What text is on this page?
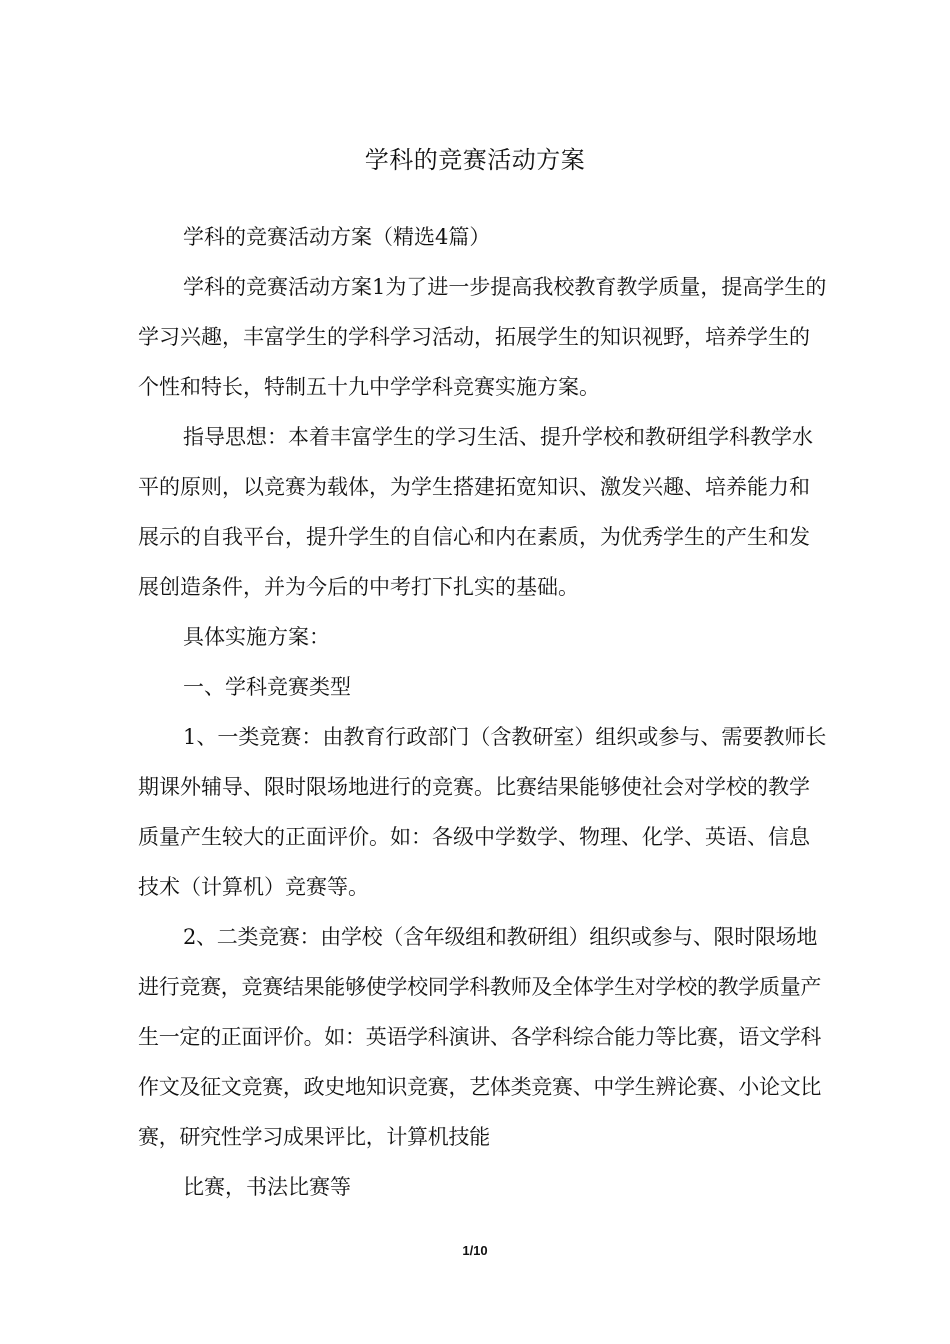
学科的竞赛活动方案

学科的竞赛活动方案（精选4篇）

学科的竞赛活动方案1为了进一步提高我校教育教学质量，提高学生的学习兴趣，丰富学生的学科学习活动，拓展学生的知识视野，培养学生的个性和特长，特制五十九中学学科竞赛实施方案。

指导思想：本着丰富学生的学习生活、提升学校和教研组学科教学水平的原则，以竞赛为载体，为学生搭建拓宽知识、激发兴趣、培养能力和展示的自我平台，提升学生的自信心和内在素质，为优秀学生的产生和发展创造条件，并为今后的中考打下扎实的基础。

具体实施方案：

一、学科竞赛类型

1、一类竞赛：由教育行政部门（含教研室）组织或参与、需要教师长期课外辅导、限时限场地进行的竞赛。比赛结果能够使社会对学校的教学质量产生较大的正面评价。如：各级中学数学、物理、化学、英语、信息技术（计算机）竞赛等。

2、二类竞赛：由学校（含年级组和教研组）组织或参与、限时限场地进行竞赛，竞赛结果能够使学校同学科教师及全体学生对学校的教学质量产生一定的正面评价。如：英语学科演讲、各学科综合能力等比赛，语文学科作文及征文竞赛，政史地知识竞赛，艺体类竞赛、中学生辨论赛、小论文比赛，研究性学习成果评比，计算机技能

比赛，书法比赛等

1/10
